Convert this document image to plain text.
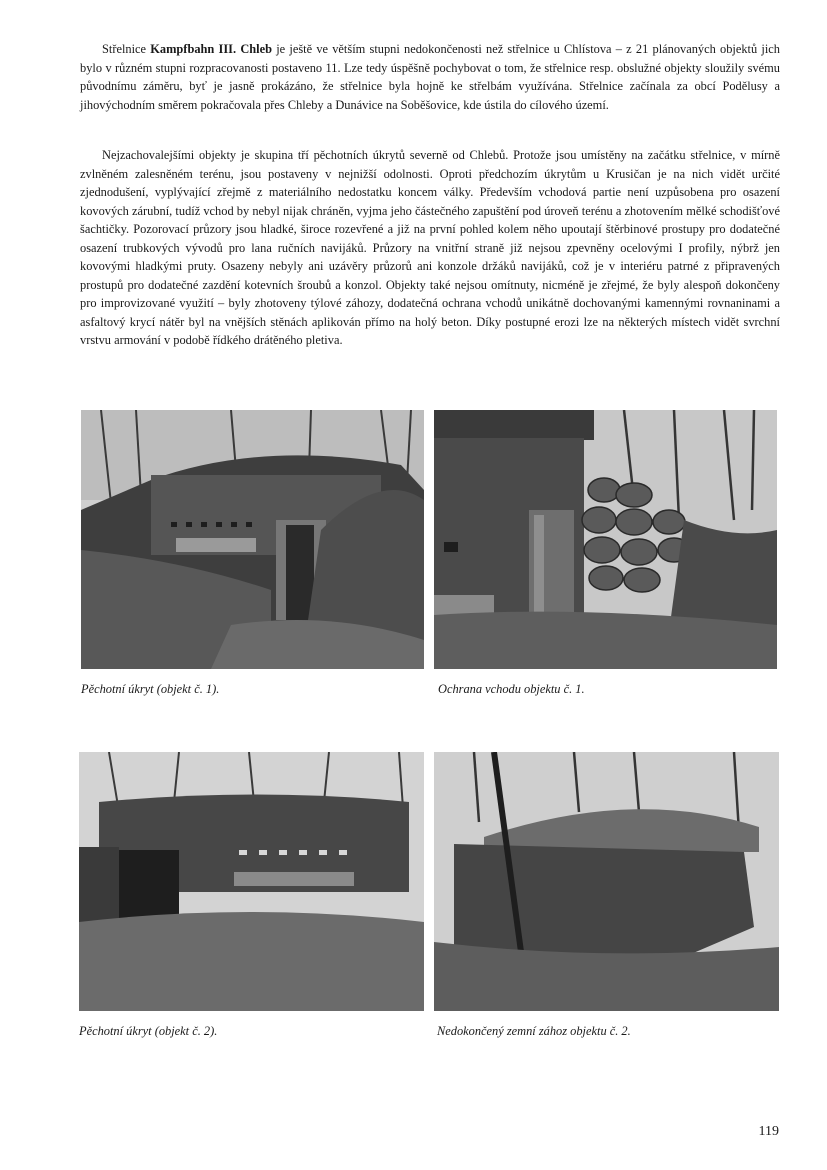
Střelnice Kampfbahn III. Chleb je ještě ve větším stupni nedokončenosti než střelnice u Chlístova – z 21 plánovaných objektů jich bylo v různém stupni rozpracovanosti postaveno 11. Lze tedy úspěšně pochybovat o tom, že střelnice resp. obslužné objekty sloužily svému původnímu záměru, byť je jasně prokázáno, že střelnice byla hojně ke střelbám využívána. Střelnice začínala za obcí Podělusy a jihovýchodním směrem pokračovala přes Chleby a Dunávice na Soběšovice, kde ústila do cílového území.

Nejzachovalejšími objekty je skupina tří pěchotních úkrytů severně od Chlebů. Protože jsou umístěny na začátku střelnice, v mírně zvlněném zalesněném terénu, jsou postaveny v nejnižší odolnosti. Oproti předchozím úkrytům u Krusičan je na nich vidět určité zjednodušení, vyplývající zřejmě z materiálního nedostatku koncem války. Především vchodová partie není uzpůsobena pro osazení kovových zárubní, tudíž vchod by nebyl nijak chráněn, vyjma jeho částečného zapuštění pod úroveň terénu a zhotovením mělké schodišťové šachtičky. Pozorovací průzory jsou hladké, široce rozevřené a již na první pohled kolem něho upoutají štěrbinové prostupy pro dodatečné osazení trubkových vývodů pro lana ručních navijáků. Průzory na vnitřní straně již nejsou zpevněny ocelovými I profily, nýbrž jen kovovými hladkými pruty. Osazeny nebyly ani uzávěry průzorů ani konzole držáků navijáků, což je v interiéru patrné z připravených prostupů pro dodatečné zazdění kotevních šroubů a konzol. Objekty také nejsou omítnuty, nicméně je zřejmé, že byly alespoň dokončeny pro improvizované využití – byly zhotoveny týlové záhozy, dodatečná ochrana vchodů unikátně dochovanými kamennými rovnaninami a asfaltový krycí nátěr byl na vnějších stěnách aplikován přímo na holý beton. Díky postupné erozi lze na některých místech vidět svrchní vrstvu armování v podobě řídkého drátěného pletiva.

Pěchotní úkryt (objekt č. 1).	Ochrana vchodu objektu č. 1.

Pěchotní úkryt (objekt č. 2).	Nedokončený zemní zához objektu č. 2.

119
